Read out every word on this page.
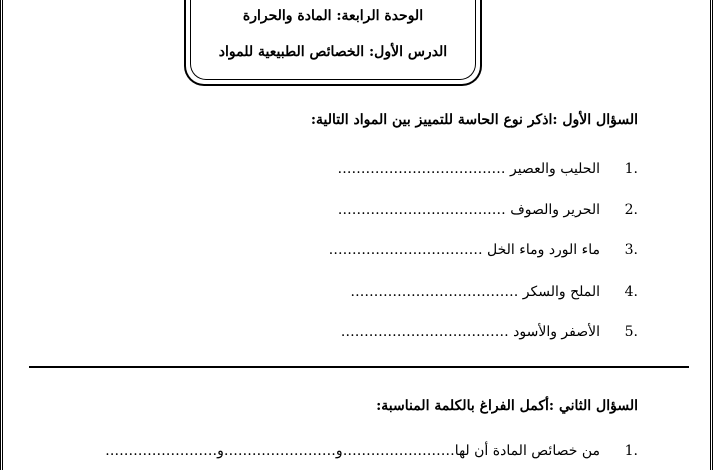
الوحدة الرابعة: المادة والحرارة
الدرس الأول: الخصائص الطبيعية للمواد
السؤال الأول :اذكر نوع الحاسة للتمييز بين المواد التالية:
.1الحليب والعصير ………………………………
.2الحرير والصوف ………………………………
.3ماء الورد وماء الخل ……………………………
.4الملح والسكر ………………………………
.5الأصفر والأسود ………………………………
السؤال الثاني :أكمل الفراغ بالكلمة المناسبة:
.1من خصائص المادة أن لها……………………و……………………و……………………
